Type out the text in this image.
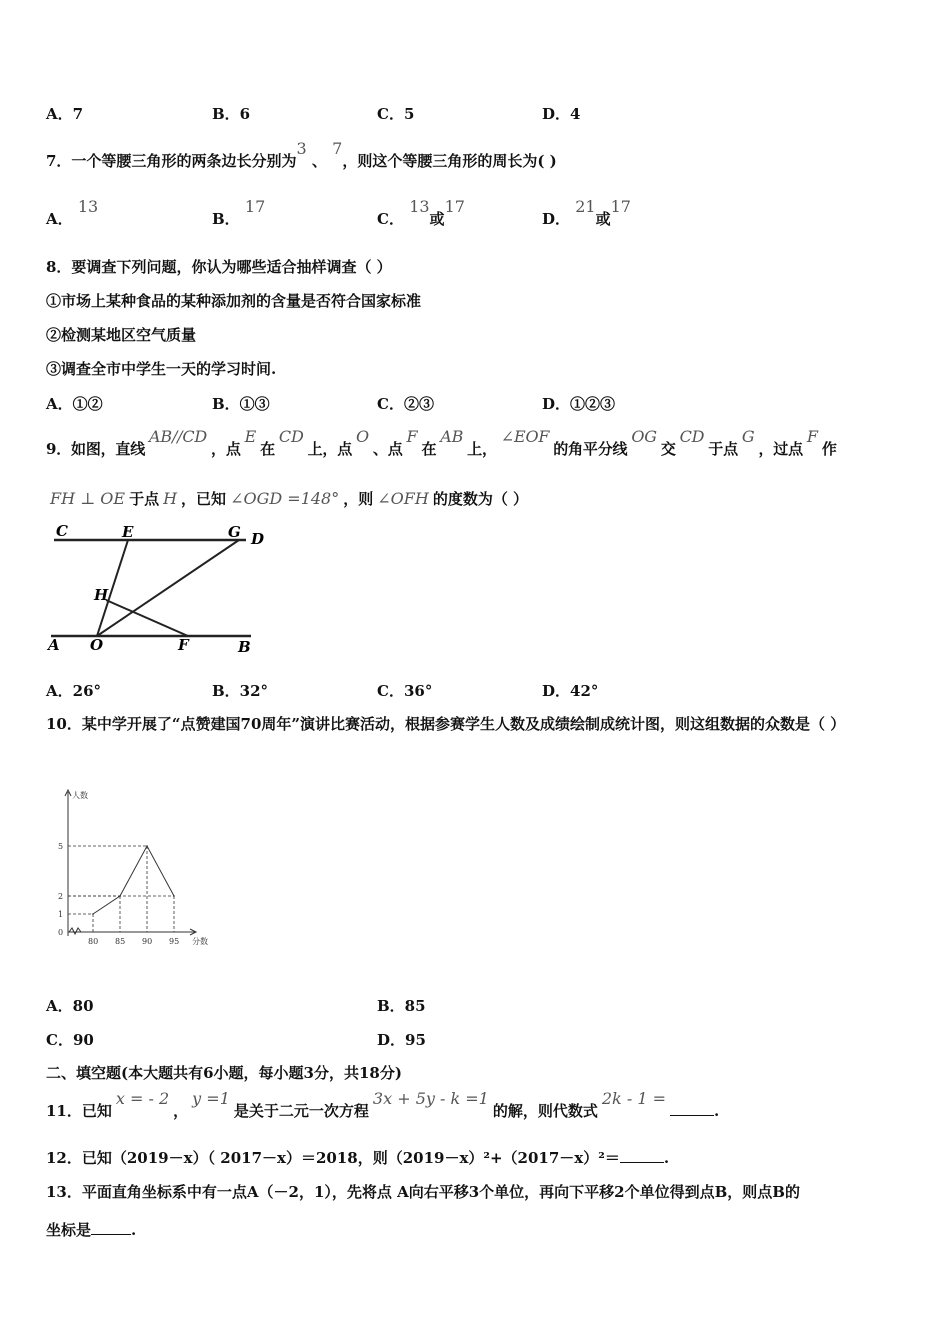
A．7	B．6	C．5	D．4
7．一个等腰三角形的两条边长分别为3 、 7，则这个等腰三角形的周长为( )
A． 13
B． 17
C． 13或17
D． 21或17
8．要调查下列问题，你认为哪些适合抽样调查（ ）
①市场上某种食品的某种添加剂的含量是否符合国家标准
②检测某地区空气质量
③调查全市中学生一天的学习时间.
A．①②	B．①③	C．②③	D．①②③
9．如图，直线AB//CD，点E在CD上，点O、点F在AB上，∠EOF的角平分线OG交CD于点G，过点F作
FH ⊥ OE 于点 H ，已知 ∠OGD =148° ，则 ∠OFH 的度数为（ ）
C	E	G D
H
A O	F	B
A．26°	B．32°	C．36°	D．42°
10．某中学开展了“点赞建国70周年”演讲比赛活动，根据参赛学生人数及成绩绘制成统计图，则这组数据的众数是（ ）
80 85 90 95
0
1
2
5
分数
人数
A．80	B．85
C．90	D．95
二、填空题(本大题共有6小题，每小题3分，共18分)
11．已知x = - 2，y =1是关于二元一次方程3x + 5y - k =1的解，则代数式2k - 1 =.
12．已知（2019－x）（ 2017－x）＝2018，则（2019－x）²+（2017－x）²＝	.
13．平面直角坐标系中有一点A（－2，1），先将点 A向右平移3个单位，再向下平移2个单位得到点B，则点B的
坐标是	.
